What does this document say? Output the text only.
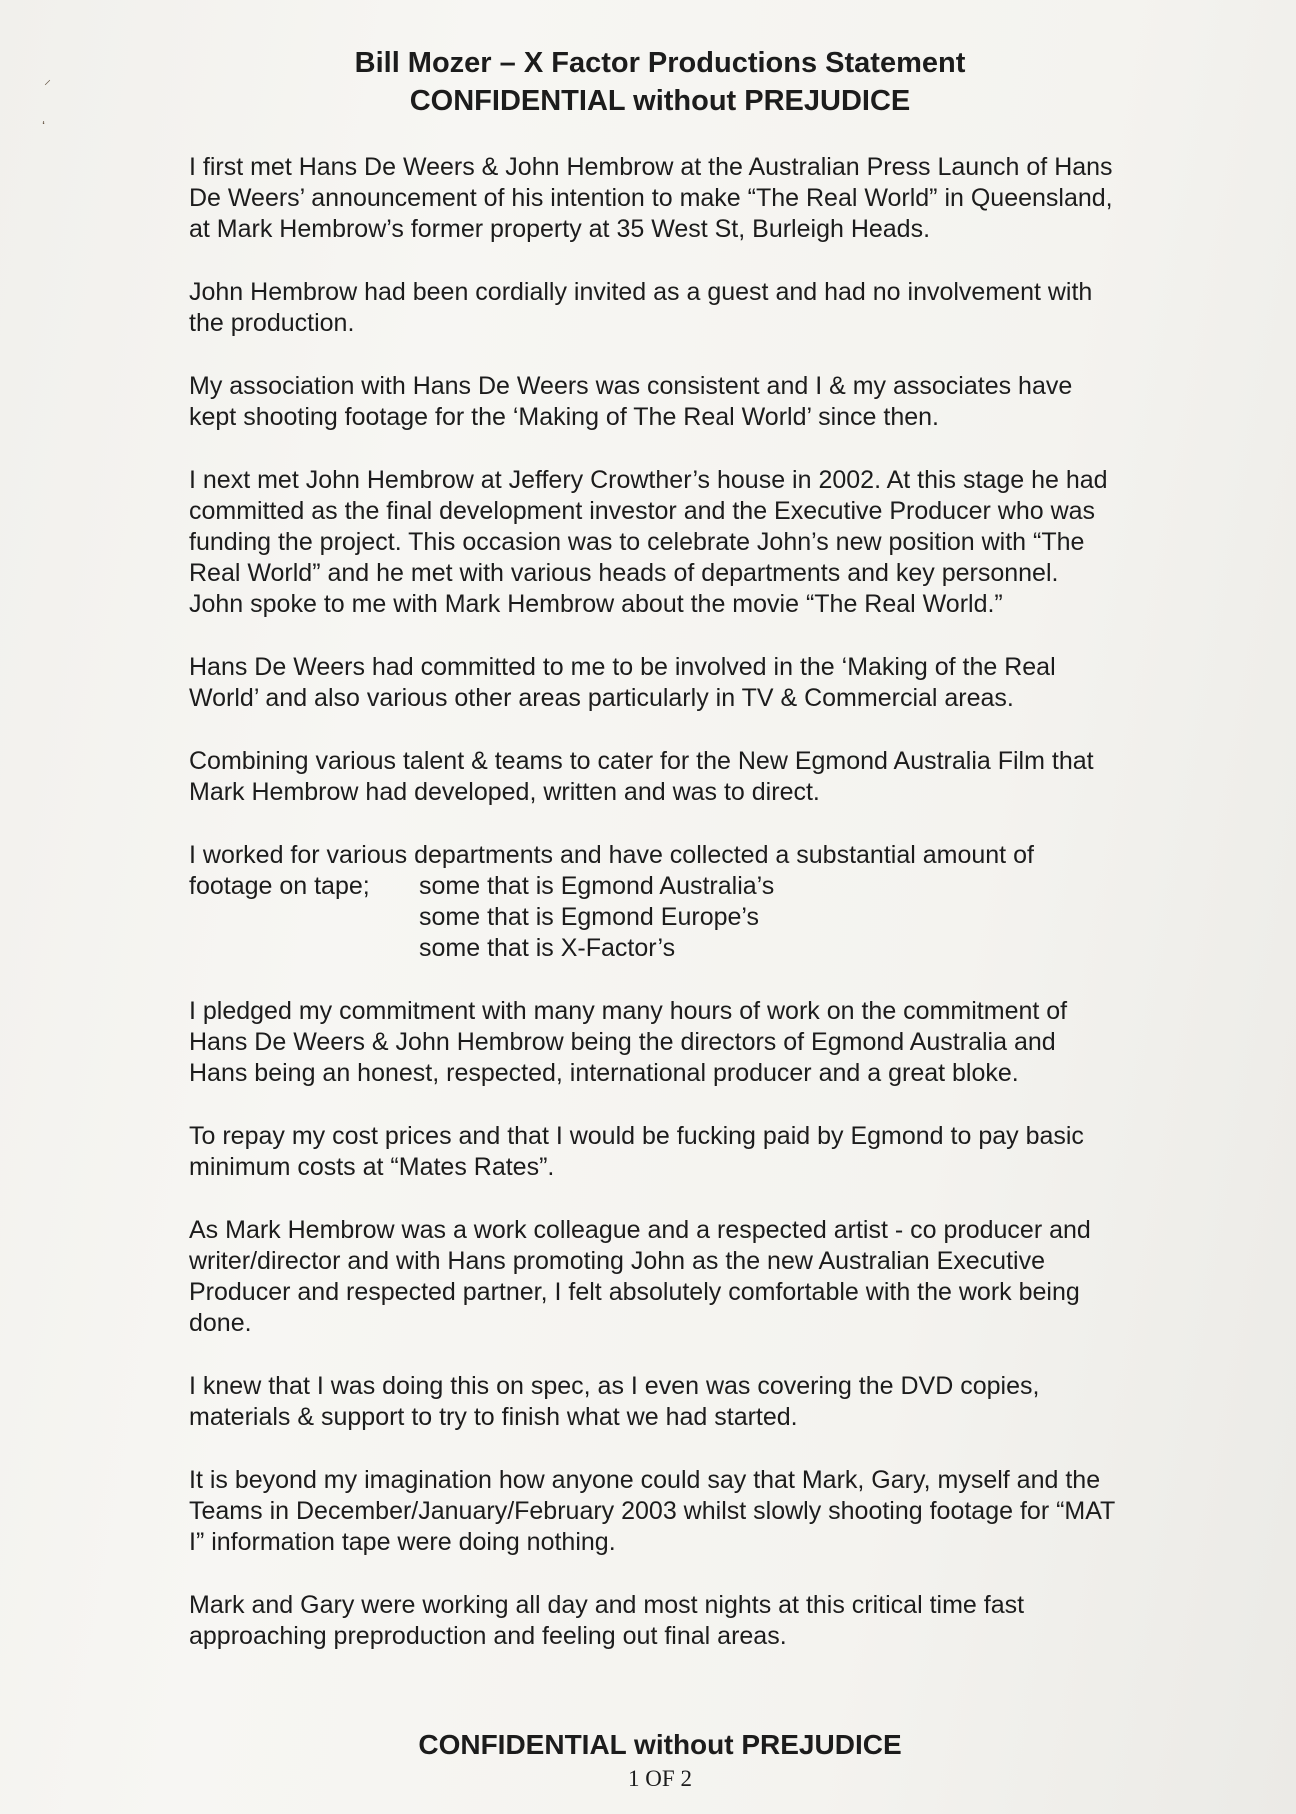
⸝
ʻ
Bill Mozer – X Factor Productions Statement
CONFIDENTIAL without PREJUDICE

I first met Hans De Weers & John Hembrow at the Australian Press Launch of Hans De Weers’ announcement of his intention to make “The Real World” in Queensland, at Mark Hembrow’s former property at 35 West St, Burleigh Heads.

John Hembrow had been cordially invited as a guest and had no involvement with the production.

My association with Hans De Weers was consistent and I & my associates have kept shooting footage for the ‘Making of The Real World’ since then.

I next met John Hembrow at Jeffery Crowther’s house in 2002. At this stage he had committed as the final development investor and the Executive Producer who was funding the project. This occasion was to celebrate John’s new position with “The Real World” and he met with various heads of departments and key personnel. John spoke to me with Mark Hembrow about the movie “The Real World.”

Hans De Weers had committed to me to be involved in the ‘Making of the Real World’ and also various other areas particularly in TV & Commercial areas.

Combining various talent & teams to cater for the New Egmond Australia Film that Mark Hembrow had developed, written and was to direct.

I worked for various departments and have collected a substantial amount of
footage on tape;	some that is Egmond Australia’s
some that is Egmond Europe’s
some that is X-Factor’s

I pledged my commitment with many many hours of work on the commitment of Hans De Weers & John Hembrow being the directors of Egmond Australia and Hans being an honest, respected, international producer and a great bloke.

To repay my cost prices and that I would be fucking paid by Egmond to pay basic minimum costs at “Mates Rates”.

As Mark Hembrow was a work colleague and a respected artist - co producer and writer/director and with Hans promoting John as the new Australian Executive Producer and respected partner, I felt absolutely comfortable with the work being done.

I knew that I was doing this on spec, as I even was covering the DVD copies, materials & support to try to finish what we had started.

It is beyond my imagination how anyone could say that Mark, Gary, myself and the Teams in December/January/February 2003 whilst slowly shooting footage for “MAT I” information tape were doing nothing.

Mark and Gary were working all day and most nights at this critical time fast approaching preproduction and feeling out final areas.

CONFIDENTIAL without PREJUDICE
1 OF 2
